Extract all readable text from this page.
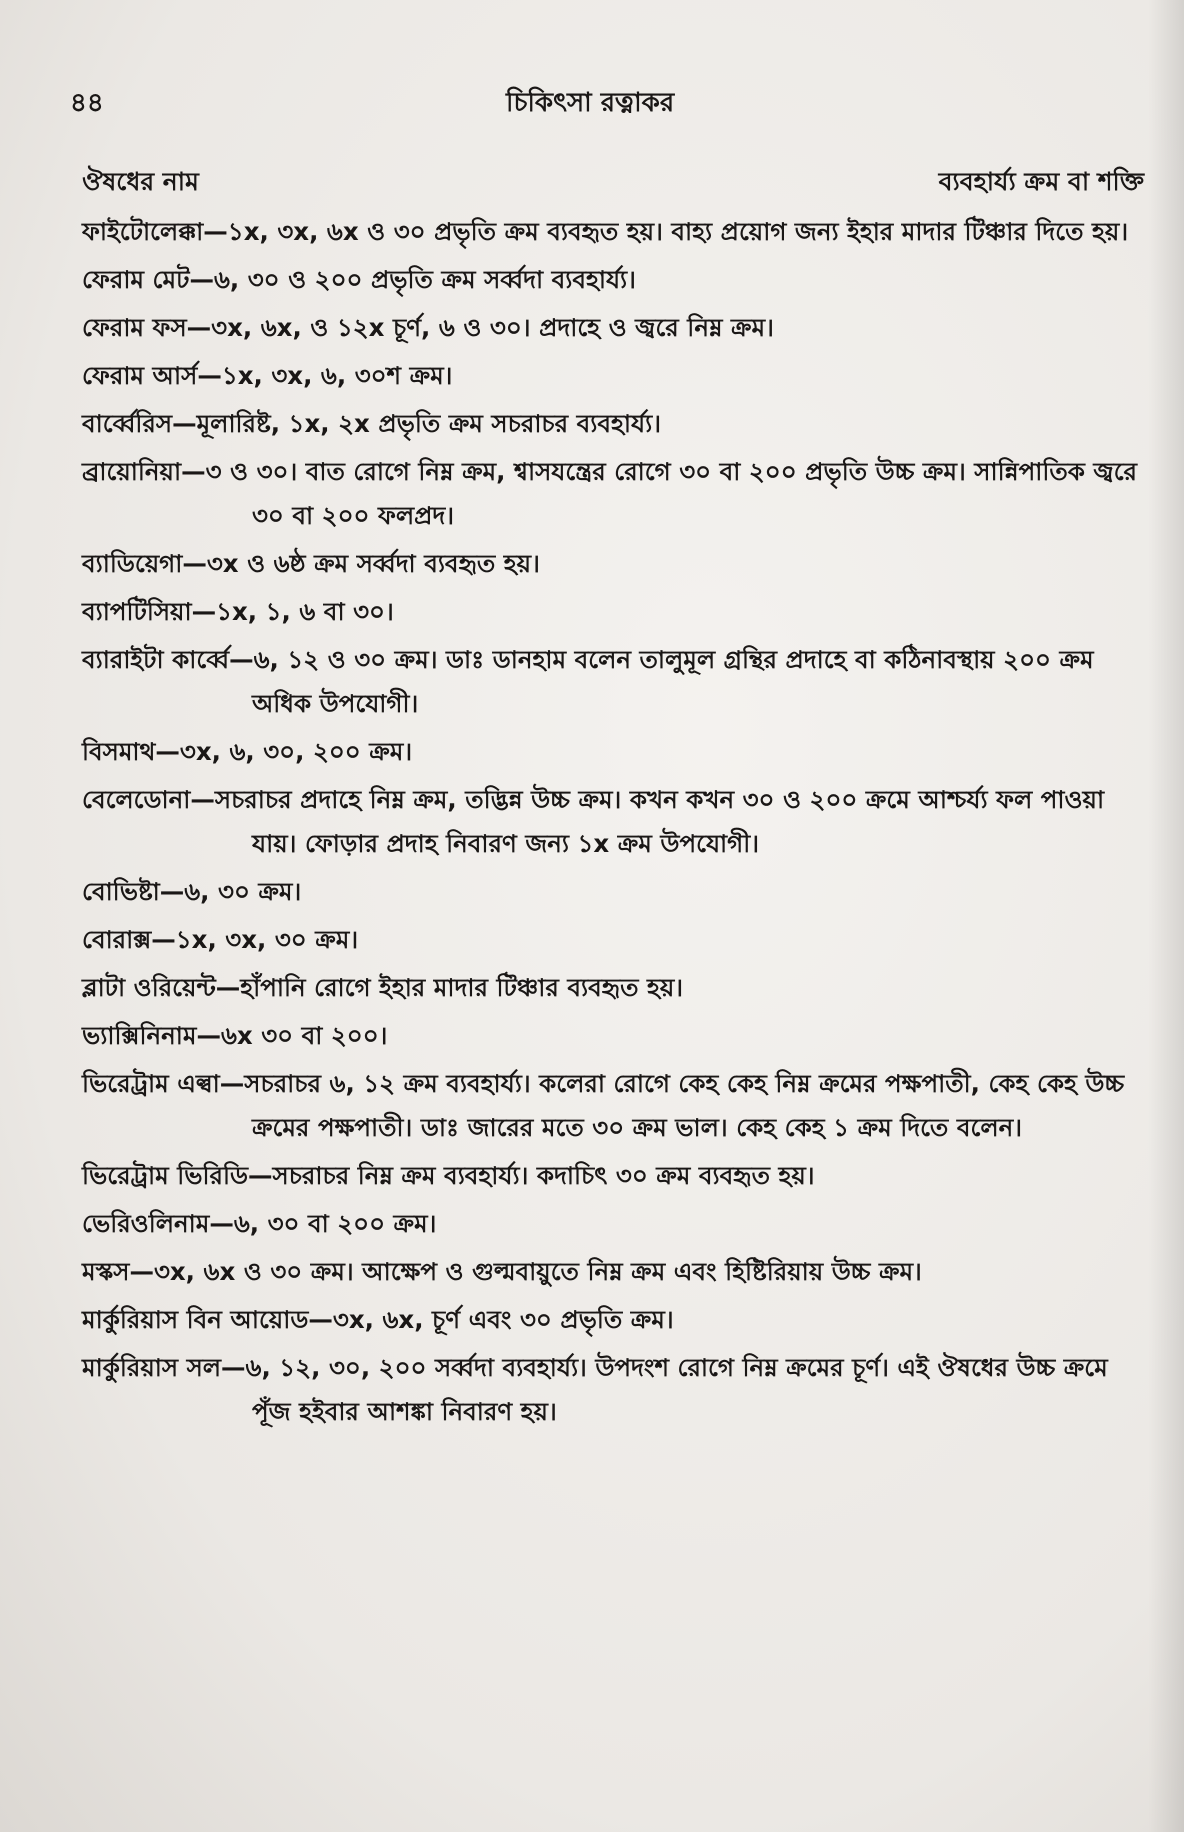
৪৪	চিকিৎসা রত্নাকর
ঔষধের নাম	ব্যবহার্য্য ক্রম বা শক্তি

ফাইটোলেক্কা—১x, ৩x, ৬x ও ৩০ প্রভৃতি ক্রম ব্যবহৃত হয়। বাহ্য প্রয়োগ জন্য ইহার মাদার টিঞ্চার দিতে হয়।

ফেরাম মেট—৬, ৩০ ও ২০০ প্রভৃতি ক্রম সর্ব্বদা ব্যবহার্য্য।

ফেরাম ফস—৩x, ৬x, ও ১২x চূর্ণ, ৬ ও ৩০। প্রদাহে ও জ্বরে নিম্ন ক্রম।

ফেরাম আর্স—১x, ৩x, ৬, ৩০শ ক্রম।

বার্ব্বেরিস—মূলারিষ্ট, ১x, ২x প্রভৃতি ক্রম সচরাচর ব্যবহার্য্য।

ব্রায়োনিয়া—৩ ও ৩০। বাত রোগে নিম্ন ক্রম, শ্বাসযন্ত্রের রোগে ৩০ বা ২০০ প্রভৃতি উচ্চ ক্রম। সান্নিপাতিক জ্বরে ৩০ বা ২০০ ফলপ্রদ।

ব্যাডিয়েগা—৩x ও ৬ষ্ঠ ক্রম সর্ব্বদা ব্যবহৃত হয়।

ব্যাপটিসিয়া—১x, ১, ৬ বা ৩০।

ব্যারাইটা কার্ব্বে—৬, ১২ ও ৩০ ক্রম। ডাঃ ডানহাম বলেন তালুমূল গ্রন্থির প্রদাহে বা কঠিনাবস্থায় ২০০ ক্রম অধিক উপযোগী।

বিসমাথ—৩x, ৬, ৩০, ২০০ ক্রম।

বেলেডোনা—সচরাচর প্রদাহে নিম্ন ক্রম, তদ্ভিন্ন উচ্চ ক্রম। কখন কখন ৩০ ও ২০০ ক্রমে আশ্চর্য্য ফল পাওয়া যায়। ফোড়ার প্রদাহ নিবারণ জন্য ১x ক্রম উপযোগী।

বোভিষ্টা—৬, ৩০ ক্রম।

বোরাক্স—১x, ৩x, ৩০ ক্রম।

ব্লাটা ওরিয়েন্ট—হাঁপানি রোগে ইহার মাদার টিঞ্চার ব্যবহৃত হয়।

ভ্যাক্সিনিনাম—৬x ৩০ বা ২০০।

ভিরেট্রাম এল্বা—সচরাচর ৬, ১২ ক্রম ব্যবহার্য্য। কলেরা রোগে কেহ কেহ নিম্ন ক্রমের পক্ষপাতী, কেহ কেহ উচ্চ ক্রমের পক্ষপাতী। ডাঃ জারের মতে ৩০ ক্রম ভাল। কেহ কেহ ১ ক্রম দিতে বলেন।

ভিরেট্রাম ভিরিডি—সচরাচর নিম্ন ক্রম ব্যবহার্য্য। কদাচিৎ ৩০ ক্রম ব্যবহৃত হয়।

ভেরিওলিনাম—৬, ৩০ বা ২০০ ক্রম।

মস্কস—৩x, ৬x ও ৩০ ক্রম। আক্ষেপ ও গুল্মবায়ুতে নিম্ন ক্রম এবং হিষ্টিরিয়ায় উচ্চ ক্রম।

মার্কুরিয়াস বিন আয়োড—৩x, ৬x, চূর্ণ এবং ৩০ প্রভৃতি ক্রম।

মার্কুরিয়াস সল—৬, ১২, ৩০, ২০০ সর্ব্বদা ব্যবহার্য্য। উপদংশ রোগে নিম্ন ক্রমের চূর্ণ। এই ঔষধের উচ্চ ক্রমে পূঁজ হইবার আশঙ্কা নিবারণ হয়।
